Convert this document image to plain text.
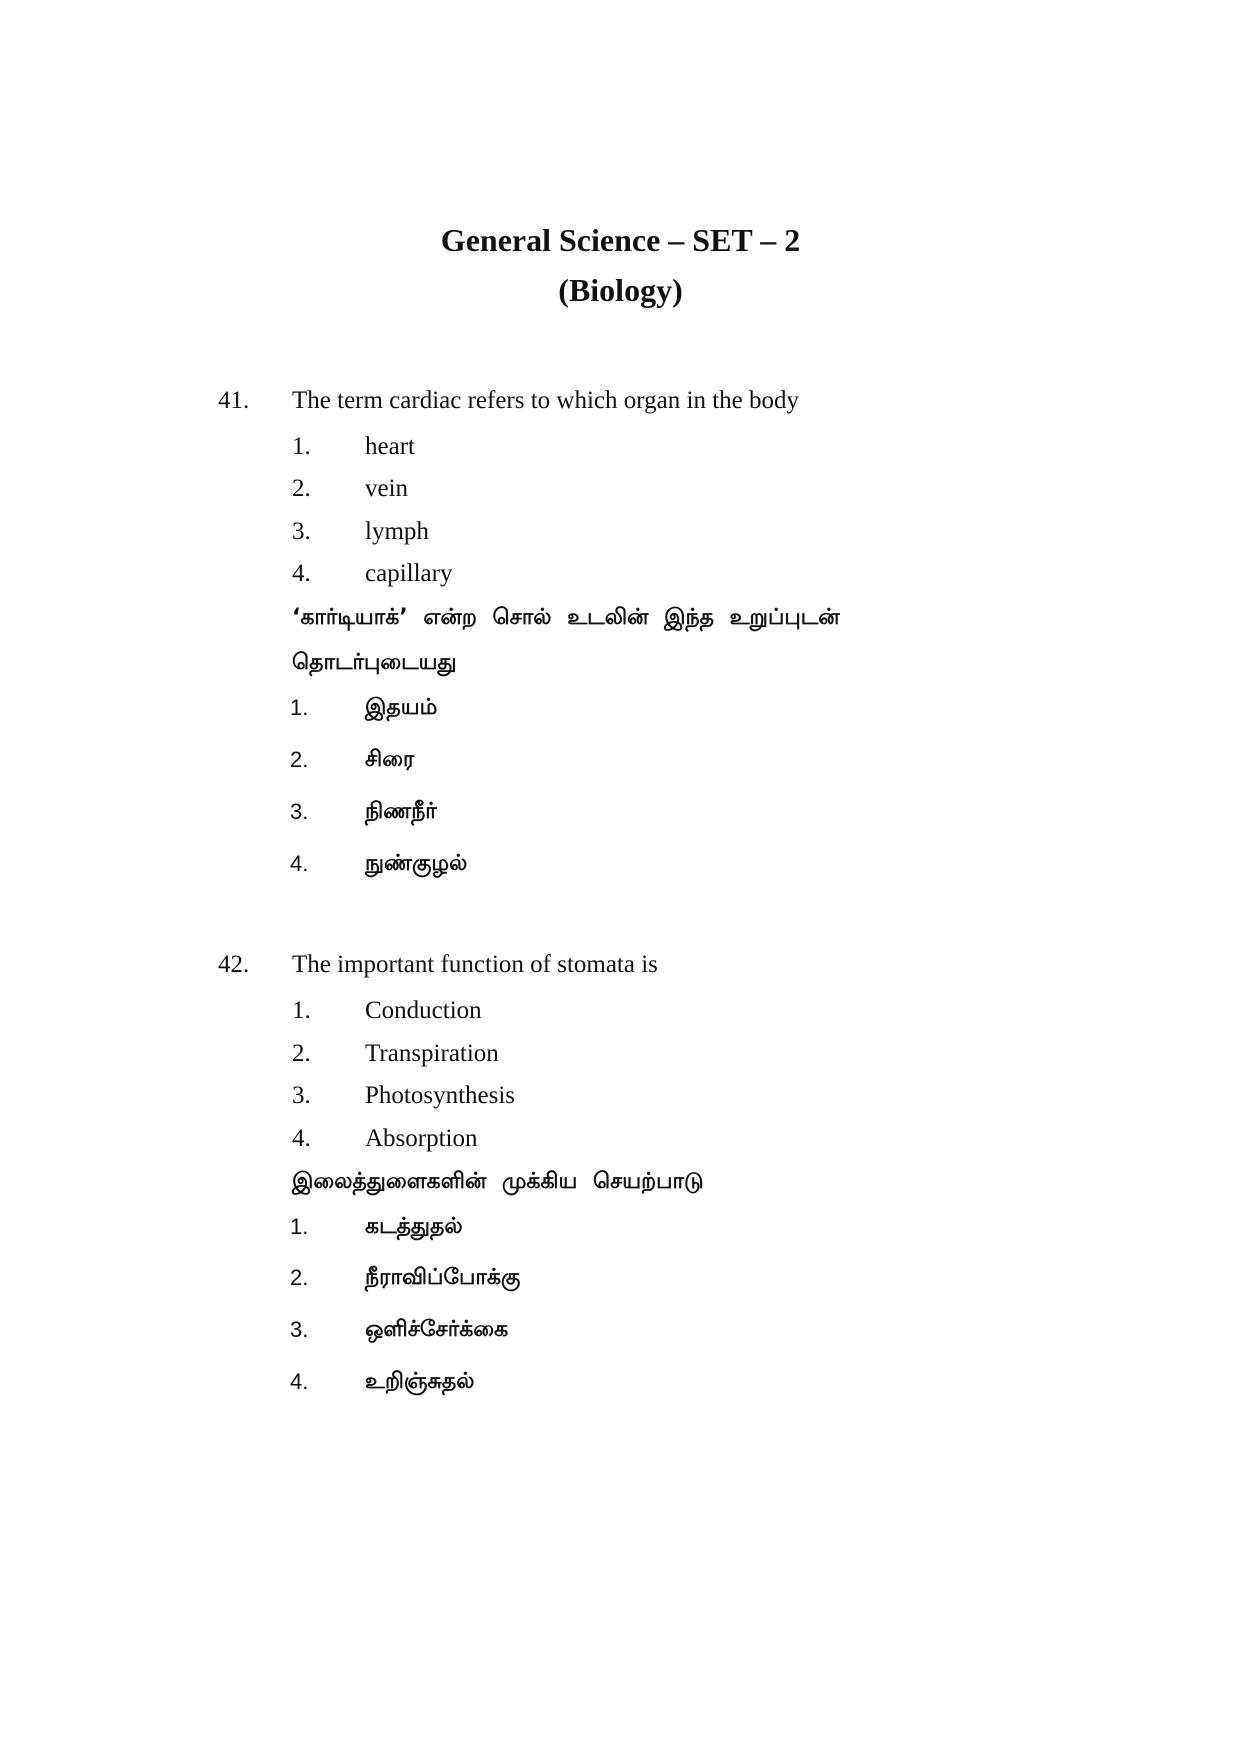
General Science – SET – 2
(Biology)
41. The term cardiac refers to which organ in the body
1. heart
2. vein
3. lymph
4. capillary
‘கார்டியாக்’ என்ற சொல் உடலின் இந்த உறுப்புடன்
தொடர்புடையது
1.	இதயம்
2.	சிரை
3.	நிணநீர்
4.	நுண்குழல்
42. The important function of stomata is
1. Conduction
2. Transpiration
3. Photosynthesis
4. Absorption
இலைத்துளைகளின் முக்கிய செயற்பாடு
1.	கடத்துதல்
2.	நீராவிப்போக்கு
3.	ஒளிச்சேர்க்கை
4.	உறிஞ்சுதல்
